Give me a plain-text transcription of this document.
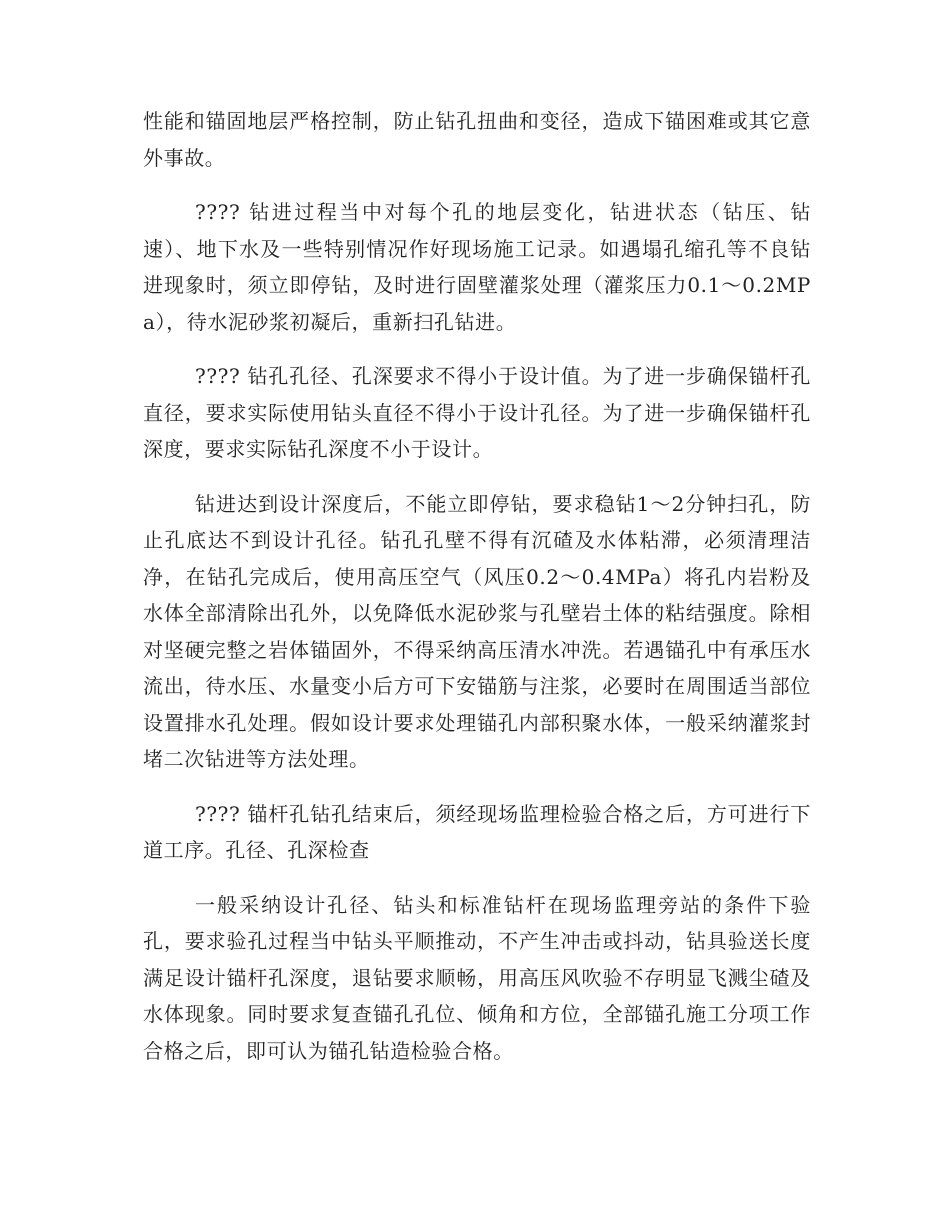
性能和锚固地层严格控制，防止钻孔扭曲和变径，造成下锚困难或其它意外事故。

???? 钻进过程当中对每个孔的地层变化，钻进状态（钻压、钻速）、地下水及一些特别情况作好现场施工记录。如遇塌孔缩孔等不良钻进现象时，须立即停钻，及时进行固壁灌浆处理（灌浆压力0.1～0.2MPa），待水泥砂浆初凝后，重新扫孔钻进。

???? 钻孔孔径、孔深要求不得小于设计值。为了进一步确保锚杆孔直径，要求实际使用钻头直径不得小于设计孔径。为了进一步确保锚杆孔深度，要求实际钻孔深度不小于设计。

钻进达到设计深度后，不能立即停钻，要求稳钻1～2分钟扫孔，防止孔底达不到设计孔径。钻孔孔壁不得有沉碴及水体粘滞，必须清理洁净，在钻孔完成后，使用高压空气（风压0.2～0.4MPa）将孔内岩粉及水体全部清除出孔外，以免降低水泥砂浆与孔壁岩土体的粘结强度。除相对坚硬完整之岩体锚固外，不得采纳高压清水冲洗。若遇锚孔中有承压水流出，待水压、水量变小后方可下安锚筋与注浆，必要时在周围适当部位设置排水孔处理。假如设计要求处理锚孔内部积聚水体，一般采纳灌浆封堵二次钻进等方法处理。

???? 锚杆孔钻孔结束后，须经现场监理检验合格之后，方可进行下道工序。孔径、孔深检查

一般采纳设计孔径、钻头和标准钻杆在现场监理旁站的条件下验孔，要求验孔过程当中钻头平顺推动，不产生冲击或抖动，钻具验送长度满足设计锚杆孔深度，退钻要求顺畅，用高压风吹验不存明显飞溅尘碴及水体现象。同时要求复查锚孔孔位、倾角和方位，全部锚孔施工分项工作合格之后，即可认为锚孔钻造检验合格。
